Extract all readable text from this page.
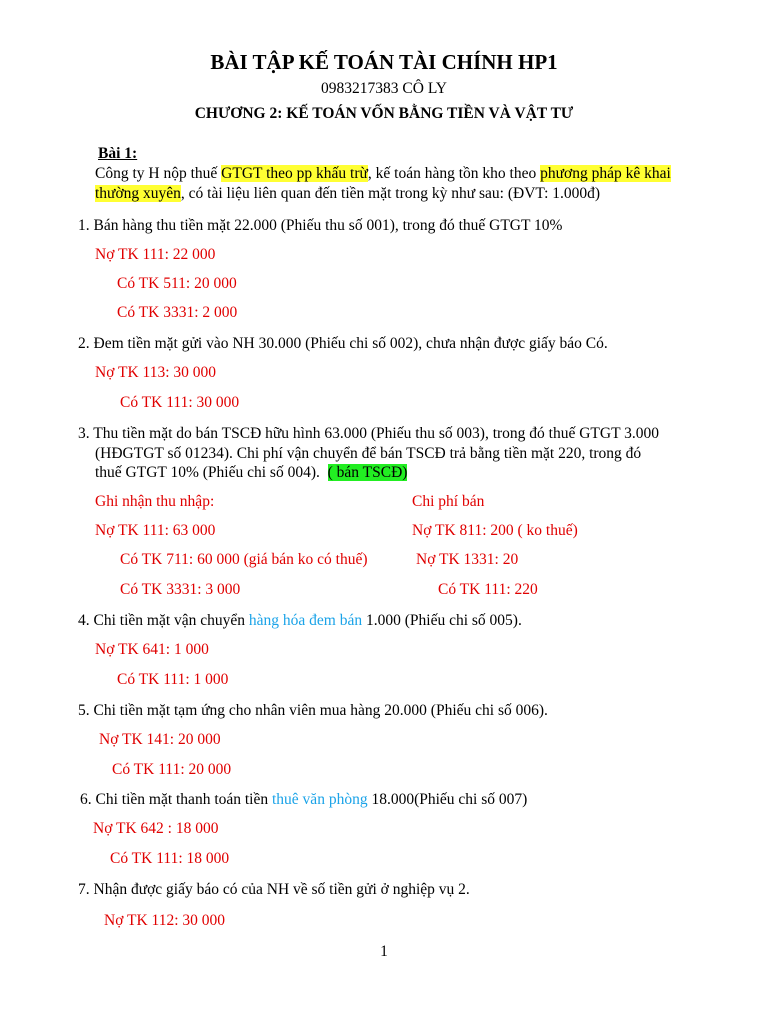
BÀI TẬP KẾ TOÁN TÀI CHÍNH HP1
0983217383 CÔ LY
CHƯƠNG 2: KẾ TOÁN VỐN BẰNG TIỀN VÀ VẬT TƯ
Bài 1:
Công ty H nộp thuế GTGT theo pp khấu trừ, kế toán hàng tồn kho theo phương pháp kê khai
thường xuyên, có tài liệu liên quan đến tiền mặt trong kỳ như sau: (ĐVT: 1.000đ)
1. Bán hàng thu tiền mặt 22.000 (Phiếu thu số 001), trong đó thuế GTGT 10%
Nợ TK 111: 22 000
Có TK 511: 20 000
Có TK 3331: 2 000
2. Đem tiền mặt gửi vào NH 30.000 (Phiếu chi số 002), chưa nhận được giấy báo Có.
Nợ TK 113: 30 000
Có TK 111: 30 000
3. Thu tiền mặt do bán TSCĐ hữu hình 63.000 (Phiếu thu số 003), trong đó thuế GTGT 3.000
(HĐGTGT số 01234). Chi phí vận chuyển để bán TSCĐ trả bằng tiền mặt 220, trong đó
thuế GTGT 10% (Phiếu chi số 004). ( bán TSCĐ)
Ghi nhận thu nhập:	Chi phí bán
Nợ TK 111: 63 000	Nợ TK 811: 200 ( ko thuế)
Có TK 711: 60 000 (giá bán ko có thuế)	Nợ TK 1331: 20
Có TK 3331: 3 000	Có TK 111: 220
4. Chi tiền mặt vận chuyển hàng hóa đem bán 1.000 (Phiếu chi số 005).
Nợ TK 641: 1 000
Có TK 111: 1 000
5. Chi tiền mặt tạm ứng cho nhân viên mua hàng 20.000 (Phiếu chi số 006).
Nợ TK 141: 20 000
Có TK 111: 20 000
6. Chi tiền mặt thanh toán tiền thuê văn phòng 18.000(Phiếu chi số 007)
Nợ TK 642 : 18 000
Có TK 111: 18 000
7. Nhận được giấy báo có của NH về số tiền gửi ở nghiệp vụ 2.
Nợ TK 112: 30 000
1
